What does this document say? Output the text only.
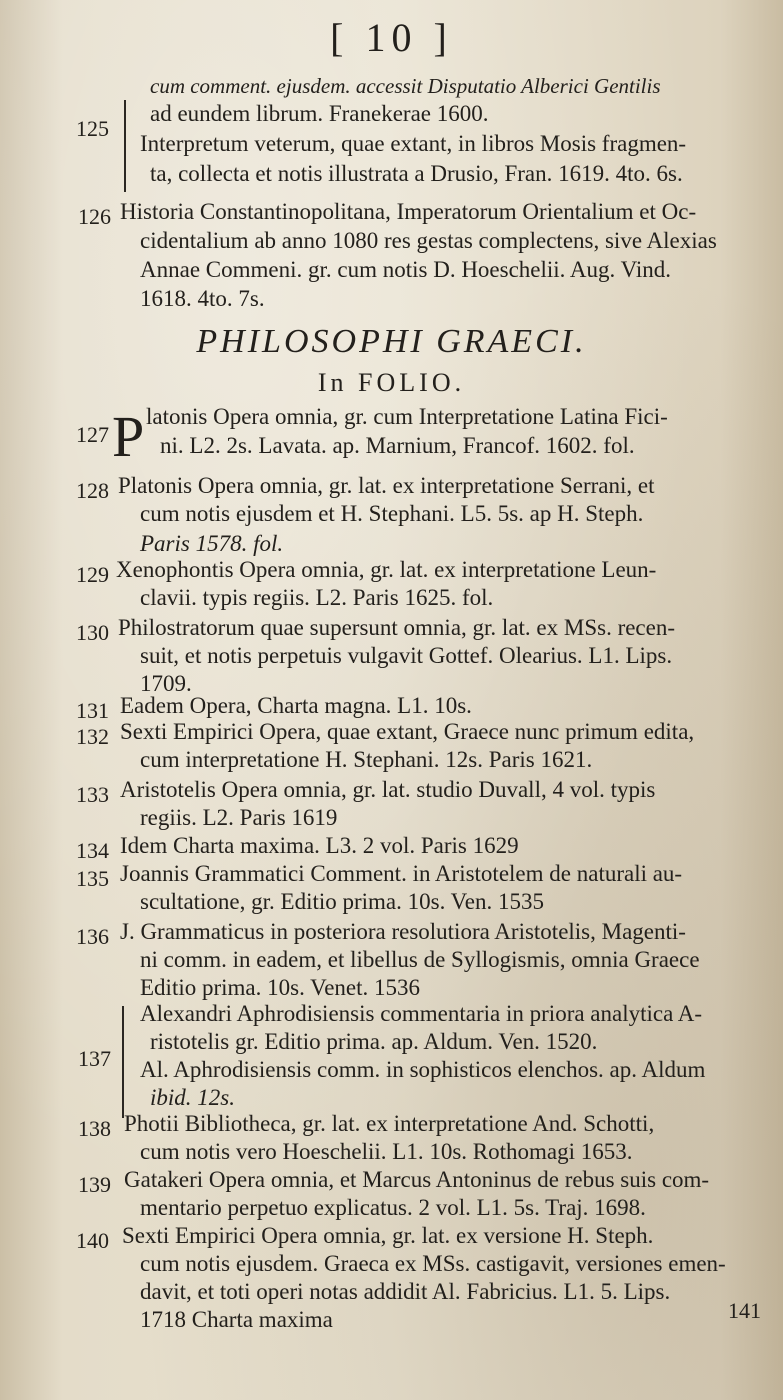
[ 10 ]
125
cum comment. ejusdem. accessit Disputatio Alberici Gentilis
ad eundem librum. Franekerae 1600.
Interpretum veterum, quae extant, in libros Mosis fragmen-
ta, collecta et notis illustrata a Drusio, Fran. 1619. 4to. 6s.
126 Historia Constantinopolitana, Imperatorum Orientalium et Oc-
cidentalium ab anno 1080 res gestas complectens, sive Alexias
Annae Commeni. gr. cum notis D. Hoeschelii. Aug. Vind.
1618. 4to. 7s.
PHILOSOPHI GRAECI.
In FOLIO.
127 P latonis Opera omnia, gr. cum Interpretatione Latina Fici-
ni. L2. 2s. Lavata. ap. Marnium, Francof. 1602. fol.
128 Platonis Opera omnia, gr. lat. ex interpretatione Serrani, et
cum notis ejusdem et H. Stephani. L5. 5s. ap H. Steph.
Paris 1578. fol.
129 Xenophontis Opera omnia, gr. lat. ex interpretatione Leun-
clavii. typis regiis. L2. Paris 1625. fol.
130 Philostratorum quae supersunt omnia, gr. lat. ex MSs. recen-
suit, et notis perpetuis vulgavit Gottef. Olearius. L1. Lips.
1709.
131 Eadem Opera, Charta magna. L1. 10s.
132 Sexti Empirici Opera, quae extant, Graece nunc primum edita,
cum interpretatione H. Stephani. 12s. Paris 1621.
133 Aristotelis Opera omnia, gr. lat. studio Duvall, 4 vol. typis
regiis. L2. Paris 1619
134 Idem Charta maxima. L3. 2 vol. Paris 1629
135 Joannis Grammatici Comment. in Aristotelem de naturali au-
scultatione, gr. Editio prima. 10s. Ven. 1535
136 J. Grammaticus in posteriora resolutiora Aristotelis, Magenti-
ni comm. in eadem, et libellus de Syllogismis, omnia Graece
Editio prima. 10s. Venet. 1536
137
Alexandri Aphrodisiensis commentaria in priora analytica A-
ristotelis gr. Editio prima. ap. Aldum. Ven. 1520.
Al. Aphrodisiensis comm. in sophisticos elenchos. ap. Aldum
ibid. 12s.
138 Photii Bibliotheca, gr. lat. ex interpretatione And. Schotti,
cum notis vero Hoeschelii. L1. 10s. Rothomagi 1653.
139 Gatakeri Opera omnia, et Marcus Antoninus de rebus suis com-
mentario perpetuo explicatus. 2 vol. L1. 5s. Traj. 1698.
140 Sexti Empirici Opera omnia, gr. lat. ex versione H. Steph.
cum notis ejusdem. Graeca ex MSs. castigavit, versiones emen-
davit, et toti operi notas addidit Al. Fabricius. L1. 5. Lips.
1718 Charta maxima	141
